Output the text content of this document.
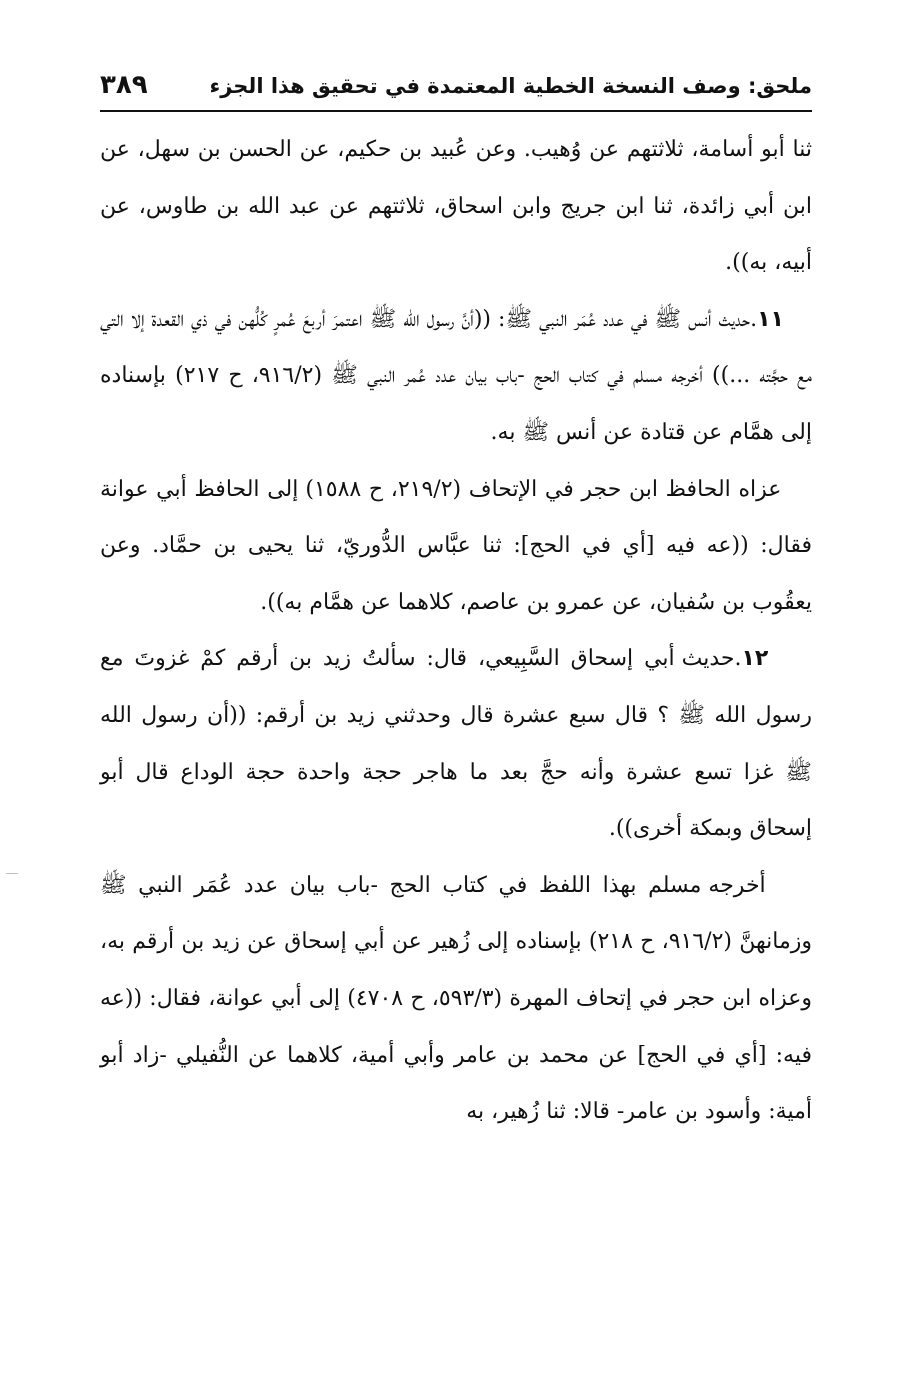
ملحق: وصف النسخة الخطية المعتمدة في تحقيق هذا الجزء
٣٨٩

ثنا أبو أسامة، ثلاثتهم عن وُهيب. وعن عُبيد بن حكيم، عن الحسن بن سهل، عن ابن أبي زائدة، ثنا ابن جريج وابن اسحاق، ثلاثتهم عن عبد الله بن طاوس، عن أبيه، به)).

١١.حديث أنس ﷺ في عدد عُمَر النبي ﷺ: ((أنَّ رسول الله ﷺ اعتمرَ أربعَ عُمرٍ كُلُّهن في ذي القعدة إلا التي مع حجَّته ...)) أخرجه مسلم في كتاب الحج -باب بيان عدد عُمر النبي ﷺ (٩١٦/٢، ح ٢١٧) بإسناده إلى همَّام عن قتادة عن أنس ﷺ به.

عزاه الحافظ ابن حجر في الإتحاف (٢١٩/٢، ح ١٥٨٨) إلى الحافظ أبي عوانة فقال: ((عه فيه [أي في الحج]: ثنا عبَّاس الدُّوريّ، ثنا يحيى بن حمَّاد. وعن يعقُوب بن سُفيان، عن عمرو بن عاصم، كلاهما عن همَّام به)).

١٢.حديث أبي إسحاق السَّبِيعي، قال: سألتُ زيد بن أرقم كمْ غزوتَ مع رسول الله ﷺ ؟ قال سبع عشرة قال وحدثني زيد بن أرقم: ((أن رسول الله ﷺ غزا تسع عشرة وأنه حجَّ بعد ما هاجر حجة واحدة حجة الوداع قال أبو إسحاق وبمكة أخرى)).

أخرجه مسلم بهذا اللفظ في كتاب الحج -باب بيان عدد عُمَر النبي ﷺ وزمانهنَّ (٩١٦/٢، ح ٢١٨) بإسناده إلى زُهير عن أبي إسحاق عن زيد بن أرقم به، وعزاه ابن حجر في إتحاف المهرة (٥٩٣/٣، ح ٤٧٠٨) إلى أبي عوانة، فقال: ((عه فيه: [أي في الحج] عن محمد بن عامر وأبي أمية، كلاهما عن النُّفيلي -زاد أبو أمية: وأسود بن عامر- قالا: ثنا زُهير، به
